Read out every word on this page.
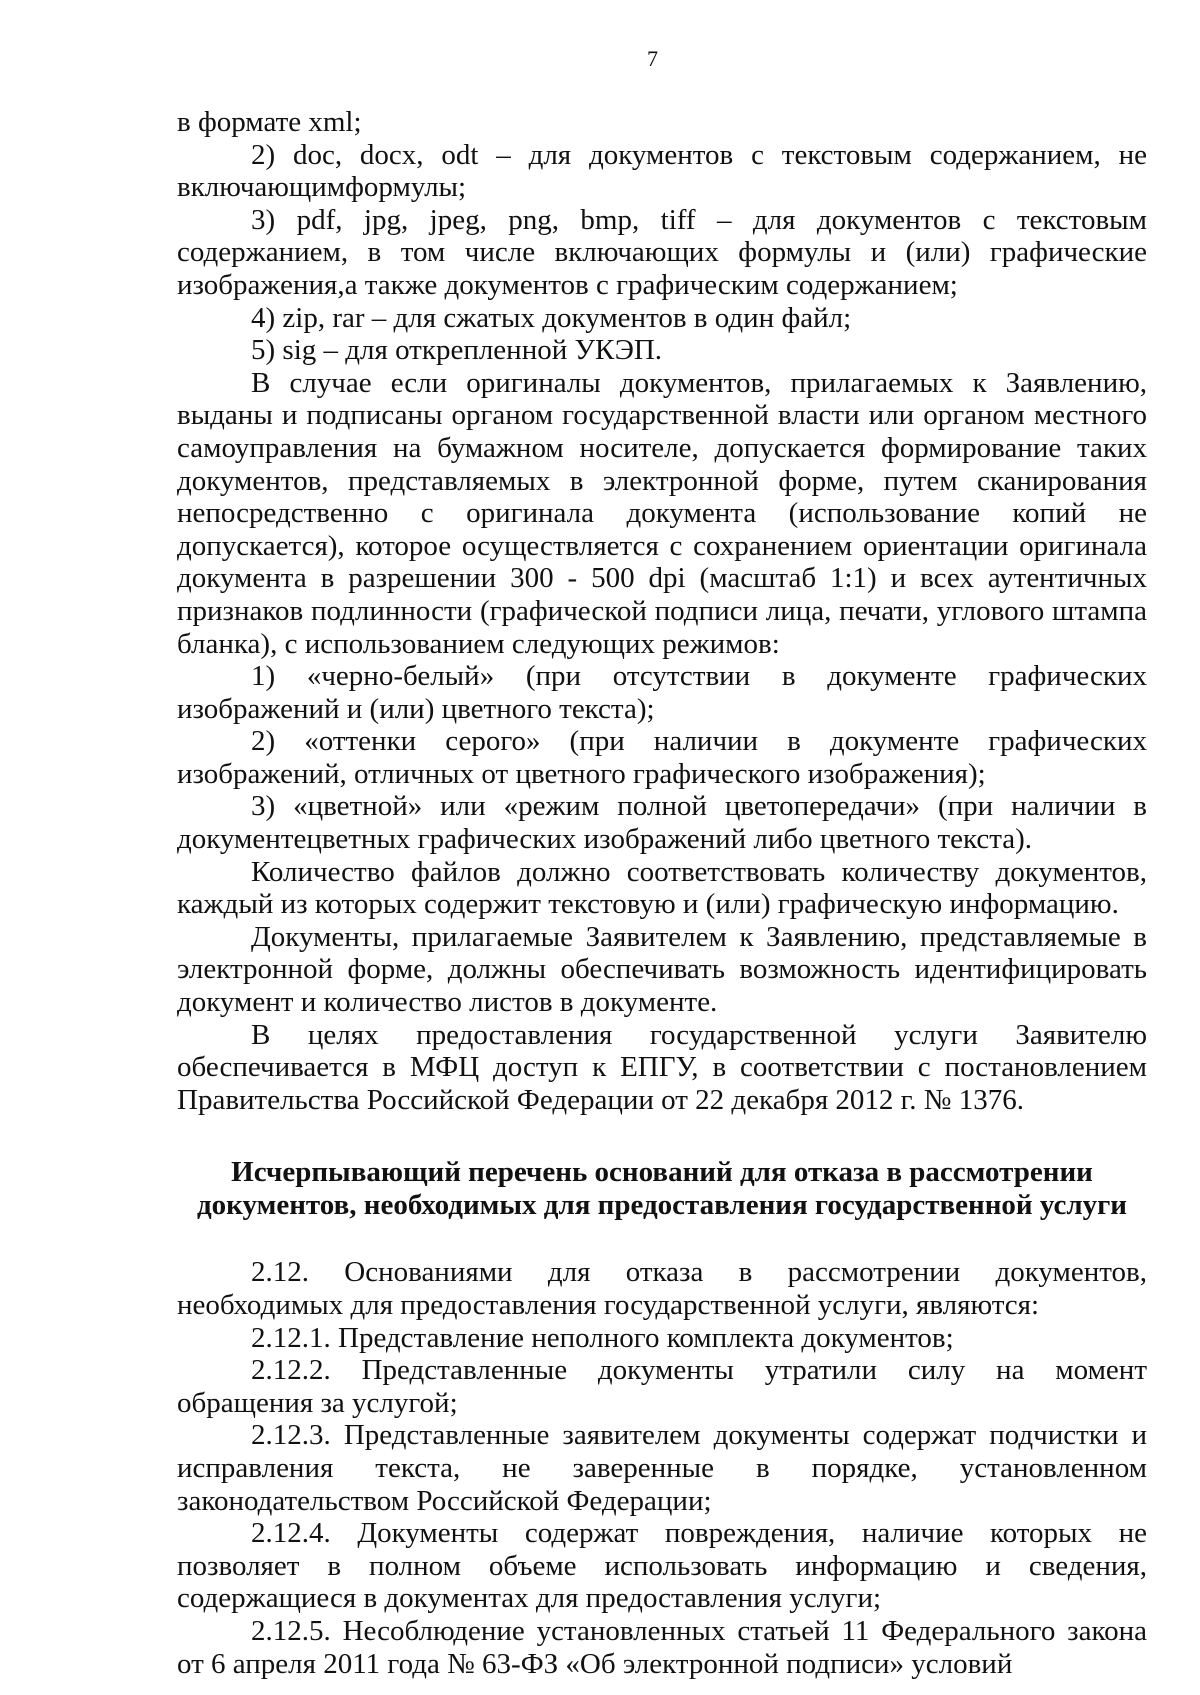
7

в формате xml;

2) doc, docx, odt – для документов с текстовым содержанием, не включающимформулы;

3) pdf, jpg, jpeg, png, bmp, tiff – для документов с текстовым содержанием, в том числе включающих формулы и (или) графические изображения,а также документов с графическим содержанием;

4) zip, rar – для сжатых документов в один файл;

5) sig – для открепленной УКЭП.

В случае если оригиналы документов, прилагаемых к Заявлению, выданы и подписаны органом государственной власти или органом местного самоуправления на бумажном носителе, допускается формирование таких документов, представляемых в электронной форме, путем сканирования непосредственно с оригинала документа (использование копий не допускается), которое осуществляется с сохранением ориентации оригинала документа в разрешении 300 - 500 dpi (масштаб 1:1) и всех аутентичных признаков подлинности (графической подписи лица, печати, углового штампа бланка), с использованием следующих режимов:

1) «черно-белый» (при отсутствии в документе графических изображений и (или) цветного текста);

2) «оттенки серого» (при наличии в документе графических изображений, отличных от цветного графического изображения);

3) «цветной» или «режим полной цветопередачи» (при наличии в документецветных графических изображений либо цветного текста).

Количество файлов должно соответствовать количеству документов, каждый из которых содержит текстовую и (или) графическую информацию.

Документы, прилагаемые Заявителем к Заявлению, представляемые в электронной форме, должны обеспечивать возможность идентифицировать документ и количество листов в документе.

В целях предоставления государственной услуги Заявителю обеспечивается в МФЦ доступ к ЕПГУ, в соответствии с постановлением Правительства Российской Федерации от 22 декабря 2012 г. № 1376.

Исчерпывающий перечень оснований для отказа в рассмотрении
документов, необходимых для предоставления государственной услуги

2.12. Основаниями для отказа в рассмотрении документов, необходимых для предоставления государственной услуги, являются:

2.12.1. Представление неполного комплекта документов;

2.12.2. Представленные документы утратили силу на момент обращения за услугой;

2.12.3. Представленные заявителем документы содержат подчистки и исправления текста, не заверенные в порядке, установленном законодательством Российской Федерации;

2.12.4. Документы содержат повреждения, наличие которых не позволяет в полном объеме использовать информацию и сведения, содержащиеся в документах для предоставления услуги;

2.12.5. Несоблюдение установленных статьей 11 Федерального закона от 6 апреля 2011 года № 63-ФЗ «Об электронной подписи» условий
